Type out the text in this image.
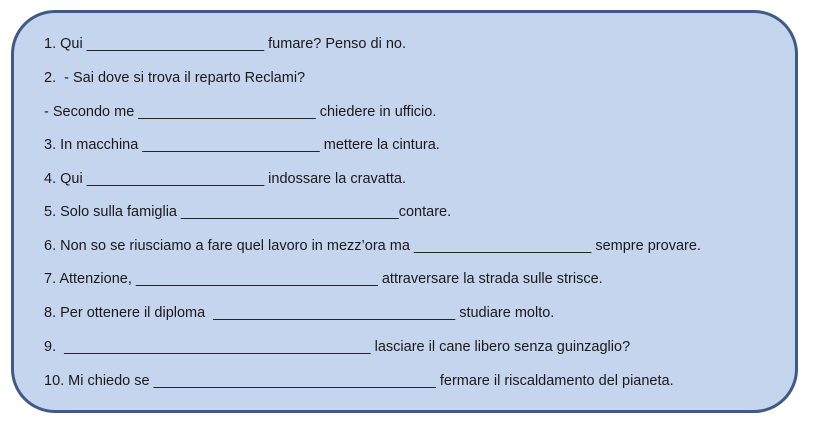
1. Qui ______________________ fumare? Penso di no.
2.  - Sai dove si trova il reparto Reclami?
- Secondo me ______________________ chiedere in ufficio.
3. In macchina ______________________ mettere la cintura.
4. Qui ______________________ indossare la cravatta.
5. Solo sulla famiglia ___________________________contare.
6. Non so se riusciamo a fare quel lavoro in mezz’ora ma ______________________ sempre provare.
7. Attenzione, ______________________________ attraversare la strada sulle strisce.
8. Per ottenere il diploma  ______________________________ studiare molto.
9.  ______________________________________ lasciare il cane libero senza guinzaglio?
10. Mi chiedo se ___________________________________ fermare il riscaldamento del pianeta.
